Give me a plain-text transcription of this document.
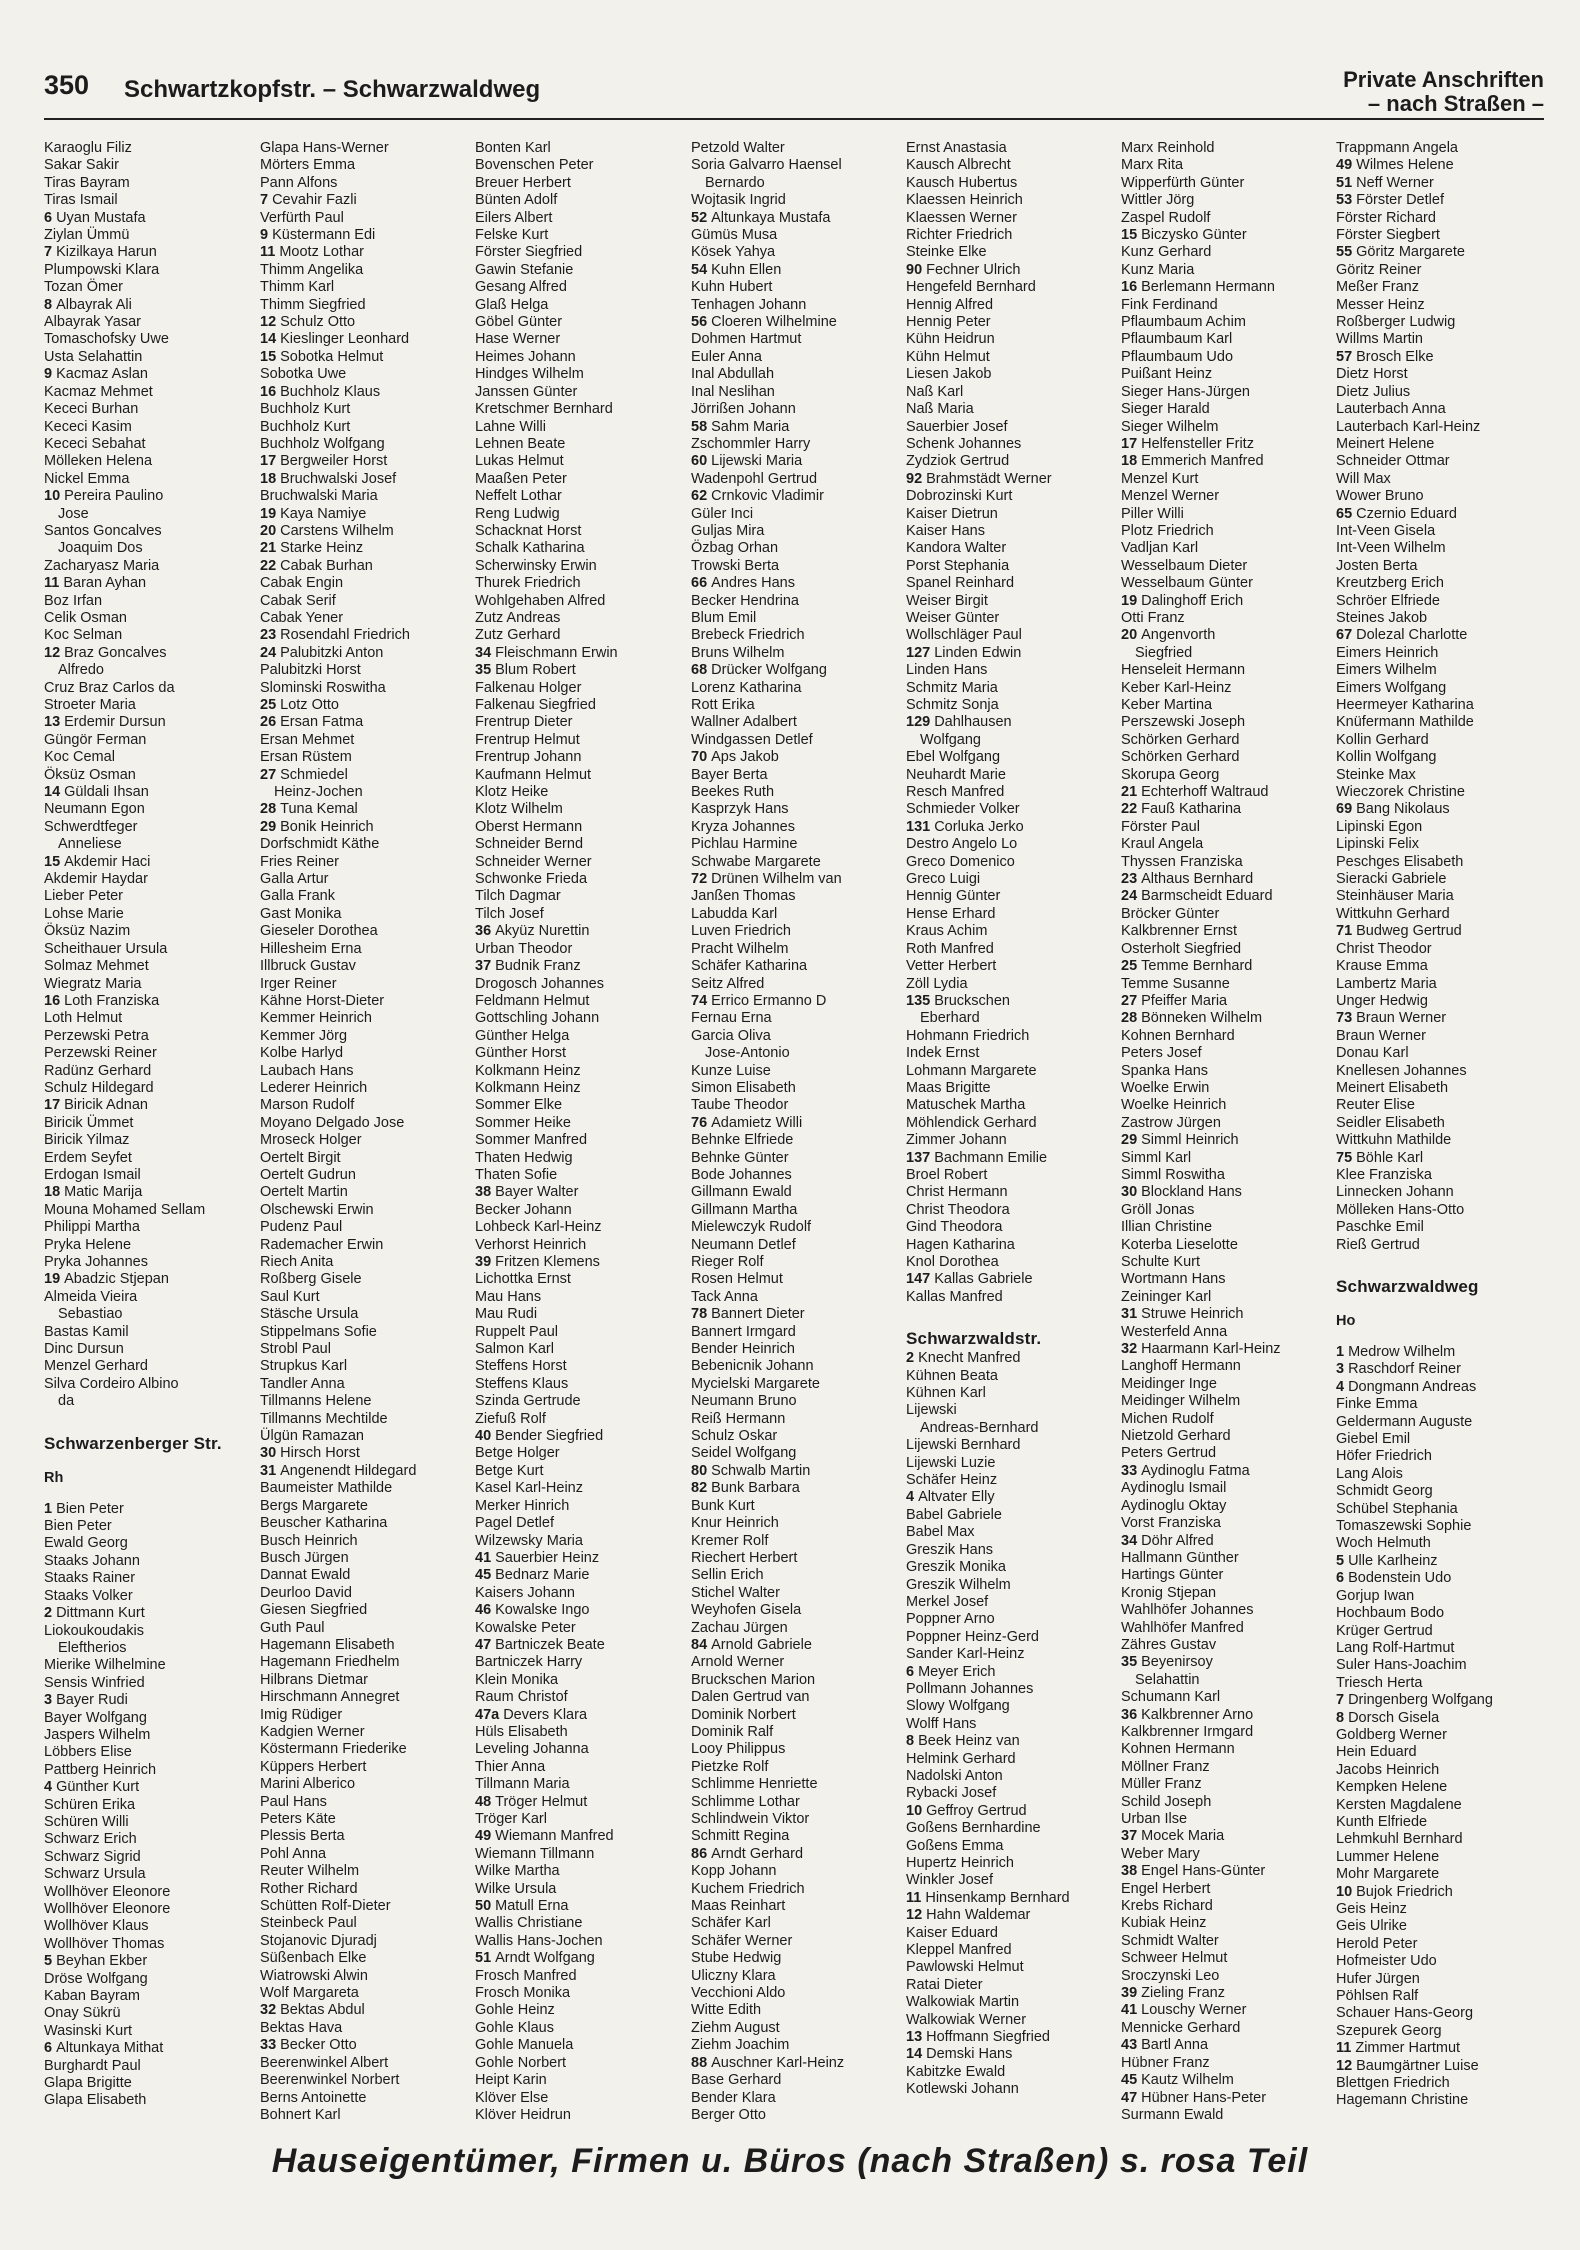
350 Schwartzkopfstr. – Schwarzwaldweg	Private Anschriften
– nach Straßen –
Karaoglu Filiz
Sakar Sakir
Tiras Bayram
Tiras Ismail
6 Uyan Mustafa
Ziylan Ümmü
7 Kizilkaya Harun
Plumpowski Klara
Tozan Ömer
8 Albayrak Ali
Albayrak Yasar
Tomaschofsky Uwe
Usta Selahattin
9 Kacmaz Aslan
Kacmaz Mehmet
Kececi Burhan
Kececi Kasim
Kececi Sebahat
Mölleken Helena
Nickel Emma
10 Pereira Paulino
Jose
Santos Goncalves
Joaquim Dos
Zacharyasz Maria
11 Baran Ayhan
Boz Irfan
Celik Osman
Koc Selman
12 Braz Goncalves
Alfredo
Cruz Braz Carlos da
Stroeter Maria
13 Erdemir Dursun
Güngör Ferman
Koc Cemal
Öksüz Osman
14 Güldali Ihsan
Neumann Egon
Schwerdtfeger
Anneliese
15 Akdemir Haci
Akdemir Haydar
Lieber Peter
Lohse Marie
Öksüz Nazim
Scheithauer Ursula
Solmaz Mehmet
Wiegratz Maria
16 Loth Franziska
Loth Helmut
Perzewski Petra
Perzewski Reiner
Radünz Gerhard
Schulz Hildegard
17 Biricik Adnan
Biricik Ümmet
Biricik Yilmaz
Erdem Seyfet
Erdogan Ismail
18 Matic Marija
Mouna Mohamed Sellam
Philippi Martha
Pryka Helene
Pryka Johannes
19 Abadzic Stjepan
Almeida Vieira
Sebastiao
Bastas Kamil
Dinc Dursun
Menzel Gerhard
Silva Cordeiro Albino
da
Schwarzenberger Str.
Rh
1 Bien Peter
Bien Peter
Ewald Georg
Staaks Johann
Staaks Rainer
Staaks Volker
2 Dittmann Kurt
Liokoukoudakis
Eleftherios
Mierike Wilhelmine
Sensis Winfried
3 Bayer Rudi
Bayer Wolfgang
Jaspers Wilhelm
Löbbers Elise
Pattberg Heinrich
4 Günther Kurt
Schüren Erika
Schüren Willi
Schwarz Erich
Schwarz Sigrid
Schwarz Ursula
Wollhöver Eleonore
Wollhöver Eleonore
Wollhöver Klaus
Wollhöver Thomas
5 Beyhan Ekber
Dröse Wolfgang
Kaban Bayram
Onay Sükrü
Wasinski Kurt
6 Altunkaya Mithat
Burghardt Paul
Glapa Brigitte
Glapa Elisabeth
Glapa Hans-Werner
Mörters Emma
Pann Alfons
7 Cevahir Fazli
Verfürth Paul
9 Küstermann Edi
11 Mootz Lothar
Thimm Angelika
Thimm Karl
Thimm Siegfried
12 Schulz Otto
14 Kieslinger Leonhard
15 Sobotka Helmut
Sobotka Uwe
16 Buchholz Klaus
Buchholz Kurt
Buchholz Kurt
Buchholz Wolfgang
17 Bergweiler Horst
18 Bruchwalski Josef
Bruchwalski Maria
19 Kaya Namiye
20 Carstens Wilhelm
21 Starke Heinz
22 Cabak Burhan
Cabak Engin
Cabak Serif
Cabak Yener
23 Rosendahl Friedrich
24 Palubitzki Anton
Palubitzki Horst
Slominski Roswitha
25 Lotz Otto
26 Ersan Fatma
Ersan Mehmet
Ersan Rüstem
27 Schmiedel
Heinz-Jochen
28 Tuna Kemal
29 Bonik Heinrich
Dorfschmidt Käthe
Fries Reiner
Galla Artur
Galla Frank
Gast Monika
Gieseler Dorothea
Hillesheim Erna
Illbruck Gustav
Irger Reiner
Kähne Horst-Dieter
Kemmer Heinrich
Kemmer Jörg
Kolbe Harlyd
Laubach Hans
Lederer Heinrich
Marson Rudolf
Moyano Delgado Jose
Mroseck Holger
Oertelt Birgit
Oertelt Gudrun
Oertelt Martin
Olschewski Erwin
Pudenz Paul
Rademacher Erwin
Riech Anita
Roßberg Gisele
Saul Kurt
Stäsche Ursula
Stippelmans Sofie
Strobl Paul
Strupkus Karl
Tandler Anna
Tillmanns Helene
Tillmanns Mechtilde
Ülgün Ramazan
30 Hirsch Horst
31 Angenendt Hildegard
Baumeister Mathilde
Bergs Margarete
Beuscher Katharina
Busch Heinrich
Busch Jürgen
Dannat Ewald
Deurloo David
Giesen Siegfried
Guth Paul
Hagemann Elisabeth
Hagemann Friedhelm
Hilbrans Dietmar
Hirschmann Annegret
Imig Rüdiger
Kadgien Werner
Köstermann Friederike
Küppers Herbert
Marini Alberico
Paul Hans
Peters Käte
Plessis Berta
Pohl Anna
Reuter Wilhelm
Rother Richard
Schütten Rolf-Dieter
Steinbeck Paul
Stojanovic Djuradj
Süßenbach Elke
Wiatrowski Alwin
Wolf Margareta
32 Bektas Abdul
Bektas Hava
33 Becker Otto
Beerenwinkel Albert
Beerenwinkel Norbert
Berns Antoinette
Bohnert Karl
Bonten Karl
Bovenschen Peter
Breuer Herbert
Bünten Adolf
Eilers Albert
Felske Kurt
Förster Siegfried
Gawin Stefanie
Gesang Alfred
Glaß Helga
Göbel Günter
Hase Werner
Heimes Johann
Hindges Wilhelm
Janssen Günter
Kretschmer Bernhard
Lahne Willi
Lehnen Beate
Lukas Helmut
Maaßen Peter
Neffelt Lothar
Reng Ludwig
Schacknat Horst
Schalk Katharina
Scherwinsky Erwin
Thurek Friedrich
Wohlgehaben Alfred
Zutz Andreas
Zutz Gerhard
34 Fleischmann Erwin
35 Blum Robert
Falkenau Holger
Falkenau Siegfried
Frentrup Dieter
Frentrup Helmut
Frentrup Johann
Kaufmann Helmut
Klotz Heike
Klotz Wilhelm
Oberst Hermann
Schneider Bernd
Schneider Werner
Schwonke Frieda
Tilch Dagmar
Tilch Josef
36 Akyüz Nurettin
Urban Theodor
37 Budnik Franz
Drogosch Johannes
Feldmann Helmut
Gottschling Johann
Günther Helga
Günther Horst
Kolkmann Heinz
Kolkmann Heinz
Sommer Elke
Sommer Heike
Sommer Manfred
Thaten Hedwig
Thaten Sofie
38 Bayer Walter
Becker Johann
Lohbeck Karl-Heinz
Verhorst Heinrich
39 Fritzen Klemens
Lichottka Ernst
Mau Hans
Mau Rudi
Ruppelt Paul
Salmon Karl
Steffens Horst
Steffens Klaus
Szinda Gertrude
Ziefuß Rolf
40 Bender Siegfried
Betge Holger
Betge Kurt
Kasel Karl-Heinz
Merker Hinrich
Pagel Detlef
Wilzewsky Maria
41 Sauerbier Heinz
45 Bednarz Marie
Kaisers Johann
46 Kowalske Ingo
Kowalske Peter
47 Bartniczek Beate
Bartniczek Harry
Klein Monika
Raum Christof
47a Devers Klara
Hüls Elisabeth
Leveling Johanna
Thier Anna
Tillmann Maria
48 Tröger Helmut
Tröger Karl
49 Wiemann Manfred
Wiemann Tillmann
Wilke Martha
Wilke Ursula
50 Matull Erna
Wallis Christiane
Wallis Hans-Jochen
51 Arndt Wolfgang
Frosch Manfred
Frosch Monika
Gohle Heinz
Gohle Klaus
Gohle Manuela
Gohle Norbert
Heipt Karin
Klöver Else
Klöver Heidrun
Petzold Walter
Soria Galvarro Haensel
Bernardo
Wojtasik Ingrid
52 Altunkaya Mustafa
Gümüs Musa
Kösek Yahya
54 Kuhn Ellen
Kuhn Hubert
Tenhagen Johann
56 Cloeren Wilhelmine
Dohmen Hartmut
Euler Anna
Inal Abdullah
Inal Neslihan
Jörrißen Johann
58 Sahm Maria
Zschommler Harry
60 Lijewski Maria
Wadenpohl Gertrud
62 Crnkovic Vladimir
Güler Inci
Guljas Mira
Özbag Orhan
Trowski Berta
66 Andres Hans
Becker Hendrina
Blum Emil
Brebeck Friedrich
Bruns Wilhelm
68 Drücker Wolfgang
Lorenz Katharina
Rott Erika
Wallner Adalbert
Windgassen Detlef
70 Aps Jakob
Bayer Berta
Beekes Ruth
Kasprzyk Hans
Kryza Johannes
Pichlau Harmine
Schwabe Margarete
72 Drünen Wilhelm van
Janßen Thomas
Labudda Karl
Luven Friedrich
Pracht Wilhelm
Schäfer Katharina
Seitz Alfred
74 Errico Ermanno D
Fernau Erna
Garcia Oliva
Jose-Antonio
Kunze Luise
Simon Elisabeth
Taube Theodor
76 Adamietz Willi
Behnke Elfriede
Behnke Günter
Bode Johannes
Gillmann Ewald
Gillmann Martha
Mielewczyk Rudolf
Neumann Detlef
Rieger Rolf
Rosen Helmut
Tack Anna
78 Bannert Dieter
Bannert Irmgard
Bender Heinrich
Bebenicnik Johann
Mycielski Margarete
Neumann Bruno
Reiß Hermann
Schulz Oskar
Seidel Wolfgang
80 Schwalb Martin
82 Bunk Barbara
Bunk Kurt
Knur Heinrich
Kremer Rolf
Riechert Herbert
Sellin Erich
Stichel Walter
Weyhofen Gisela
Zachau Jürgen
84 Arnold Gabriele
Arnold Werner
Bruckschen Marion
Dalen Gertrud van
Dominik Norbert
Dominik Ralf
Looy Philippus
Pietzke Rolf
Schlimme Henriette
Schlimme Lothar
Schlindwein Viktor
Schmitt Regina
86 Arndt Gerhard
Kopp Johann
Kuchem Friedrich
Maas Reinhart
Schäfer Karl
Schäfer Werner
Stube Hedwig
Uliczny Klara
Vecchioni Aldo
Witte Edith
Ziehm August
Ziehm Joachim
88 Auschner Karl-Heinz
Base Gerhard
Bender Klara
Berger Otto
Ernst Anastasia
Kausch Albrecht
Kausch Hubertus
Klaessen Heinrich
Klaessen Werner
Richter Friedrich
Steinke Elke
90 Fechner Ulrich
Hengefeld Bernhard
Hennig Alfred
Hennig Peter
Kühn Heidrun
Kühn Helmut
Liesen Jakob
Naß Karl
Naß Maria
Sauerbier Josef
Schenk Johannes
Zydziok Gertrud
92 Brahmstädt Werner
Dobrozinski Kurt
Kaiser Dietrun
Kaiser Hans
Kandora Walter
Porst Stephania
Spanel Reinhard
Weiser Birgit
Weiser Günter
Wollschläger Paul
127 Linden Edwin
Linden Hans
Schmitz Maria
Schmitz Sonja
129 Dahlhausen
Wolfgang
Ebel Wolfgang
Neuhardt Marie
Resch Manfred
Schmieder Volker
131 Corluka Jerko
Destro Angelo Lo
Greco Domenico
Greco Luigi
Hennig Günter
Hense Erhard
Kraus Achim
Roth Manfred
Vetter Herbert
Zöll Lydia
135 Bruckschen
Eberhard
Hohmann Friedrich
Indek Ernst
Lohmann Margarete
Maas Brigitte
Matuschek Martha
Möhlendick Gerhard
Zimmer Johann
137 Bachmann Emilie
Broel Robert
Christ Hermann
Christ Theodora
Gind Theodora
Hagen Katharina
Knol Dorothea
147 Kallas Gabriele
Kallas Manfred
Schwarzwaldstr.
2 Knecht Manfred
Kühnen Beata
Kühnen Karl
Lijewski
Andreas-Bernhard
Lijewski Bernhard
Lijewski Luzie
Schäfer Heinz
4 Altvater Elly
Babel Gabriele
Babel Max
Greszik Hans
Greszik Monika
Greszik Wilhelm
Merkel Josef
Poppner Arno
Poppner Heinz-Gerd
Sander Karl-Heinz
6 Meyer Erich
Pollmann Johannes
Slowy Wolfgang
Wolff Hans
8 Beek Heinz van
Helmink Gerhard
Nadolski Anton
Rybacki Josef
10 Geffroy Gertrud
Goßens Bernhardine
Goßens Emma
Hupertz Heinrich
Winkler Josef
11 Hinsenkamp Bernhard
12 Hahn Waldemar
Kaiser Eduard
Kleppel Manfred
Pawlowski Helmut
Ratai Dieter
Walkowiak Martin
Walkowiak Werner
13 Hoffmann Siegfried
14 Demski Hans
Kabitzke Ewald
Kotlewski Johann
Marx Reinhold
Marx Rita
Wipperfürth Günter
Wittler Jörg
Zaspel Rudolf
15 Biczysko Günter
Kunz Gerhard
Kunz Maria
16 Berlemann Hermann
Fink Ferdinand
Pflaumbaum Achim
Pflaumbaum Karl
Pflaumbaum Udo
Puißant Heinz
Sieger Hans-Jürgen
Sieger Harald
Sieger Wilhelm
17 Helfensteller Fritz
18 Emmerich Manfred
Menzel Kurt
Menzel Werner
Piller Willi
Plotz Friedrich
Vadljan Karl
Wesselbaum Dieter
Wesselbaum Günter
19 Dalinghoff Erich
Otti Franz
20 Angenvorth
Siegfried
Henseleit Hermann
Keber Karl-Heinz
Keber Martina
Perszewski Joseph
Schörken Gerhard
Schörken Gerhard
Skorupa Georg
21 Echterhoff Waltraud
22 Fauß Katharina
Förster Paul
Kraul Angela
Thyssen Franziska
23 Althaus Bernhard
24 Barmscheidt Eduard
Bröcker Günter
Kalkbrenner Ernst
Osterholt Siegfried
25 Temme Bernhard
Temme Susanne
27 Pfeiffer Maria
28 Bönneken Wilhelm
Kohnen Bernhard
Peters Josef
Spanka Hans
Woelke Erwin
Woelke Heinrich
Zastrow Jürgen
29 Simml Heinrich
Simml Karl
Simml Roswitha
30 Blockland Hans
Gröll Jonas
Illian Christine
Koterba Lieselotte
Schulte Kurt
Wortmann Hans
Zeininger Karl
31 Struwe Heinrich
Westerfeld Anna
32 Haarmann Karl-Heinz
Langhoff Hermann
Meidinger Inge
Meidinger Wilhelm
Michen Rudolf
Nietzold Gerhard
Peters Gertrud
33 Aydinoglu Fatma
Aydinoglu Ismail
Aydinoglu Oktay
Vorst Franziska
34 Döhr Alfred
Hallmann Günther
Hartings Günter
Kronig Stjepan
Wahlhöfer Johannes
Wahlhöfer Manfred
Zähres Gustav
35 Beyenirsoy
Selahattin
Schumann Karl
36 Kalkbrenner Arno
Kalkbrenner Irmgard
Kohnen Hermann
Möllner Franz
Müller Franz
Schild Joseph
Urban Ilse
37 Mocek Maria
Weber Mary
38 Engel Hans-Günter
Engel Herbert
Krebs Richard
Kubiak Heinz
Schmidt Walter
Schweer Helmut
Sroczynski Leo
39 Zieling Franz
41 Louschy Werner
Mennicke Gerhard
43 Bartl Anna
Hübner Franz
45 Kautz Wilhelm
47 Hübner Hans-Peter
Surmann Ewald
Trappmann Angela
49 Wilmes Helene
51 Neff Werner
53 Förster Detlef
Förster Richard
Förster Siegbert
55 Göritz Margarete
Göritz Reiner
Meßer Franz
Messer Heinz
Roßberger Ludwig
Willms Martin
57 Brosch Elke
Dietz Horst
Dietz Julius
Lauterbach Anna
Lauterbach Karl-Heinz
Meinert Helene
Schneider Ottmar
Will Max
Wower Bruno
65 Czernio Eduard
Int-Veen Gisela
Int-Veen Wilhelm
Josten Berta
Kreutzberg Erich
Schröer Elfriede
Steines Jakob
67 Dolezal Charlotte
Eimers Heinrich
Eimers Wilhelm
Eimers Wolfgang
Heermeyer Katharina
Knüfermann Mathilde
Kollin Gerhard
Kollin Wolfgang
Steinke Max
Wieczorek Christine
69 Bang Nikolaus
Lipinski Egon
Lipinski Felix
Peschges Elisabeth
Sieracki Gabriele
Steinhäuser Maria
Wittkuhn Gerhard
71 Budweg Gertrud
Christ Theodor
Krause Emma
Lambertz Maria
Unger Hedwig
73 Braun Werner
Braun Werner
Donau Karl
Knellesen Johannes
Meinert Elisabeth
Reuter Elise
Seidler Elisabeth
Wittkuhn Mathilde
75 Böhle Karl
Klee Franziska
Linnecken Johann
Mölleken Hans-Otto
Paschke Emil
Rieß Gertrud
Schwarzwaldweg
Ho
1 Medrow Wilhelm
3 Raschdorf Reiner
4 Dongmann Andreas
Finke Emma
Geldermann Auguste
Giebel Emil
Höfer Friedrich
Lang Alois
Schmidt Georg
Schübel Stephania
Tomaszewski Sophie
Woch Helmuth
5 Ulle Karlheinz
6 Bodenstein Udo
Gorjup Iwan
Hochbaum Bodo
Krüger Gertrud
Lang Rolf-Hartmut
Suler Hans-Joachim
Triesch Herta
7 Dringenberg Wolfgang
8 Dorsch Gisela
Goldberg Werner
Hein Eduard
Jacobs Heinrich
Kempken Helene
Kersten Magdalene
Kunth Elfriede
Lehmkuhl Bernhard
Lummer Helene
Mohr Margarete
10 Bujok Friedrich
Geis Heinz
Geis Ulrike
Herold Peter
Hofmeister Udo
Hufer Jürgen
Pöhlsen Ralf
Schauer Hans-Georg
Szepurek Georg
11 Zimmer Hartmut
12 Baumgärtner Luise
Blettgen Friedrich
Hagemann Christine
Hauseigentümer, Firmen u. Büros (nach Straßen) s. rosa Teil
